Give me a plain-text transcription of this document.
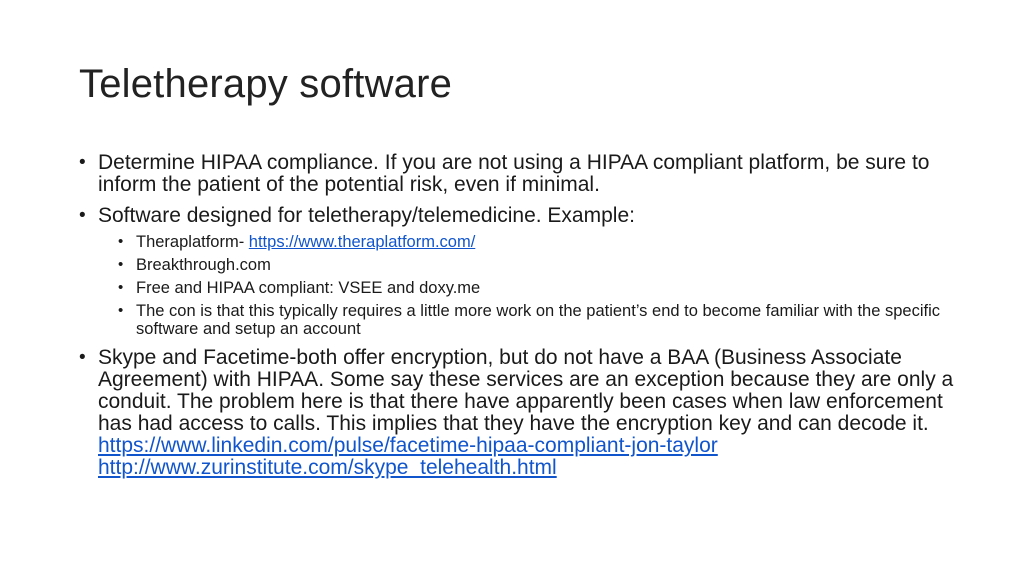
Teletherapy software
• Determine HIPAA compliance. If you are not using a HIPAA compliant platform, be sure to inform the patient of the potential risk, even if minimal.
• Software designed for teletherapy/telemedicine. Example:
• Theraplatform- https://www.theraplatform.com/
• Breakthrough.com
• Free and HIPAA compliant: VSEE and doxy.me
• The con is that this typically requires a little more work on the patient’s end to become familiar with the specific software and setup an account
• Skype and Facetime-both offer encryption, but do not have a BAA (Business Associate Agreement) with HIPAA. Some say these services are an exception because they are only a conduit. The problem here is that there have apparently been cases when law enforcement has had access to calls. This implies that they have the encryption key and can decode it.
https://www.linkedin.com/pulse/facetime-hipaa-compliant-jon-taylor
http://www.zurinstitute.com/skype_telehealth.html
